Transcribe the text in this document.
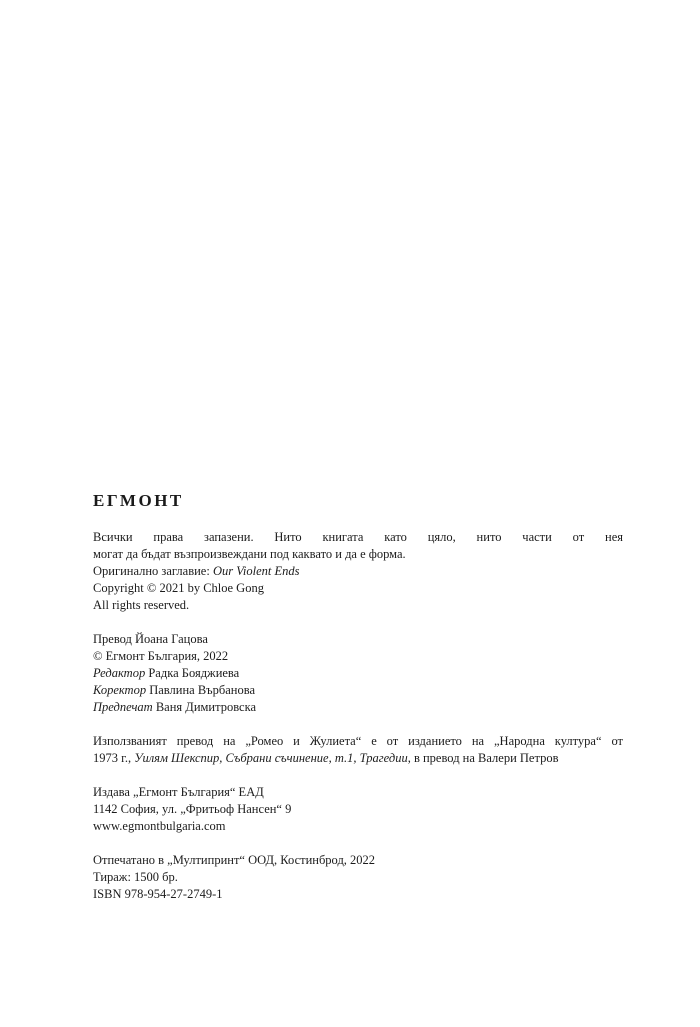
ЕГМОНТ
Всички права запазени. Нито книгата като цяло, нито части от нея
могат да бъдат възпроизвеждани под каквато и да е форма.
Оригинално заглавие: Our Violent Ends
Copyright © 2021 by Chloe Gong
All rights reserved.
Превод Йоана Гацова
© Егмонт България, 2022
Редактор Радка Бояджиева
Коректор Павлина Върбанова
Предпечат Ваня Димитровска
Използваният превод на „Ромео и Жулиета“ е от изданието на „Народна култура“ от
1973 г., Уилям Шекспир, Събрани съчинение, т.1, Трагедии, в превод на Валери Петров
Издава „Егмонт България“ ЕАД
1142 София, ул. „Фритьоф Нансен“ 9
www.egmontbulgaria.com
Отпечатано в „Мултипринт“ ООД, Костинброд, 2022
Тираж: 1500 бр.
ISBN 978-954-27-2749-1
